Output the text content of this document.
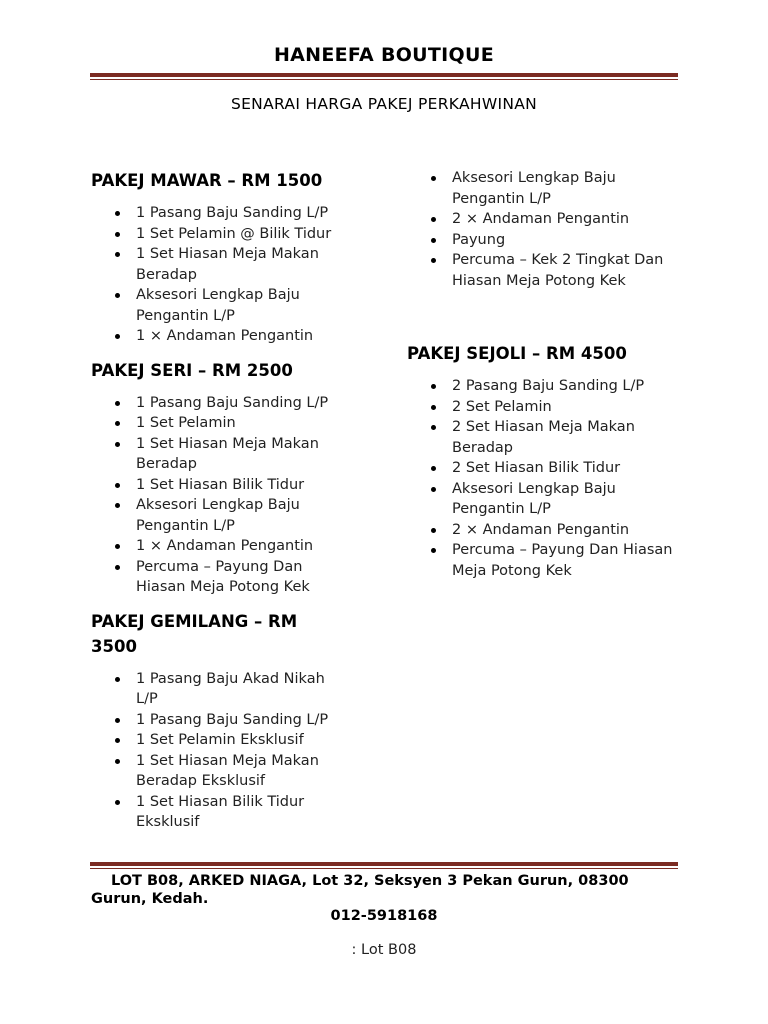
HANEEFA BOUTIQUE
SENARAI HARGA PAKEJ PERKAHWINAN
PAKEJ MAWAR – RM 1500
1 Pasang Baju Sanding L/P
1 Set Pelamin @ Bilik Tidur
1 Set Hiasan Meja Makan Beradap
Aksesori Lengkap Baju Pengantin L/P
1 × Andaman Pengantin
PAKEJ SERI – RM 2500
1 Pasang Baju Sanding L/P
1 Set Pelamin
1 Set Hiasan Meja Makan Beradap
1 Set Hiasan Bilik Tidur
Aksesori Lengkap Baju Pengantin L/P
1 × Andaman Pengantin
Percuma – Payung Dan Hiasan Meja Potong Kek
PAKEJ GEMILANG – RM 3500
1 Pasang Baju Akad Nikah L/P
1 Pasang Baju Sanding L/P
1 Set Pelamin Eksklusif
1 Set Hiasan Meja Makan Beradap Eksklusif
1 Set Hiasan Bilik Tidur Eksklusif
Aksesori Lengkap Baju Pengantin L/P
2 × Andaman Pengantin
Payung
Percuma – Kek 2 Tingkat Dan Hiasan Meja Potong Kek
PAKEJ SEJOLI – RM 4500
2 Pasang Baju Sanding L/P
2 Set Pelamin
2 Set Hiasan Meja Makan Beradap
2 Set Hiasan Bilik Tidur
Aksesori Lengkap Baju Pengantin L/P
2 × Andaman Pengantin
Percuma – Payung Dan Hiasan Meja Potong Kek
LOT B08, ARKED NIAGA, Lot 32, Seksyen 3 Pekan Gurun, 08300 Gurun, Kedah.
012-5918168
: Lot B08
